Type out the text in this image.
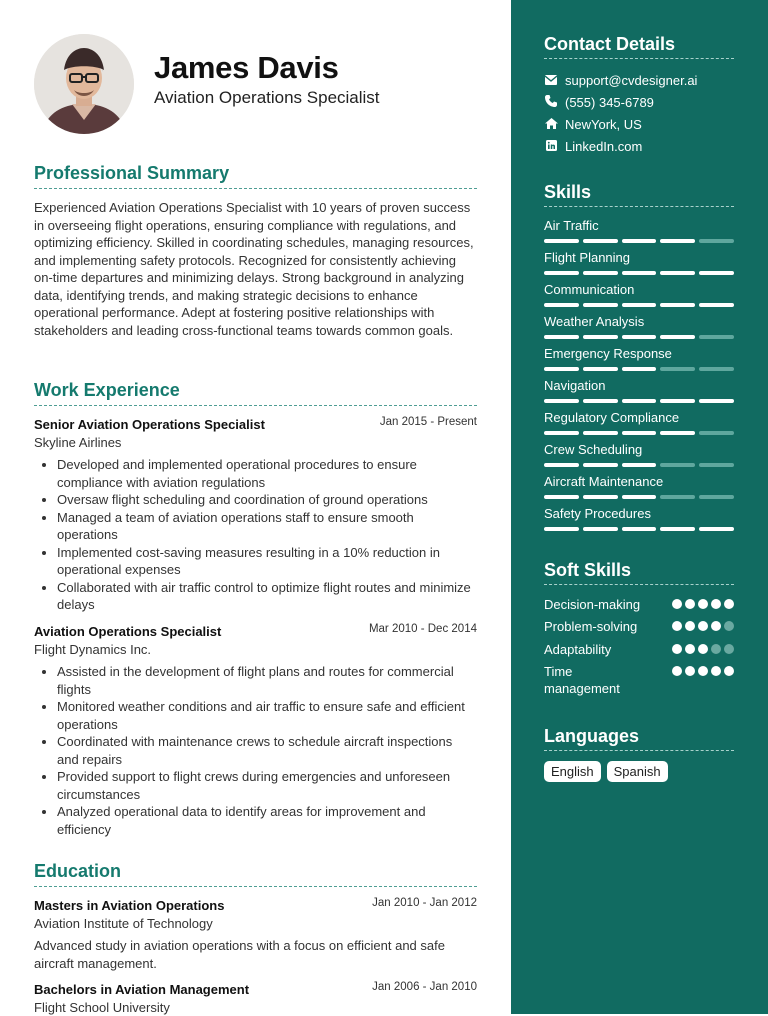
James Davis
Aviation Operations Specialist
Professional Summary

Experienced Aviation Operations Specialist with 10 years of proven success in overseeing flight operations, ensuring compliance with regulations, and optimizing efficiency. Skilled in coordinating schedules, managing resources, and implementing safety protocols. Recognized for consistently achieving on-time departures and minimizing delays. Strong background in analyzing data, identifying trends, and making strategic decisions to enhance operational performance. Adept at fostering positive relationships with stakeholders and leading cross-functional teams towards common goals.

Work Experience
Senior Aviation Operations Specialist	Jan 2015 - Present
Skyline Airlines
• Developed and implemented operational procedures to ensure compliance with aviation regulations
• Oversaw flight scheduling and coordination of ground operations
• Managed a team of aviation operations staff to ensure smooth operations
• Implemented cost-saving measures resulting in a 10% reduction in operational expenses
• Collaborated with air traffic control to optimize flight routes and minimize delays
Aviation Operations Specialist	Mar 2010 - Dec 2014
Flight Dynamics Inc.
• Assisted in the development of flight plans and routes for commercial flights
• Monitored weather conditions and air traffic to ensure safe and efficient operations
• Coordinated with maintenance crews to schedule aircraft inspections and repairs
• Provided support to flight crews during emergencies and unforeseen circumstances
• Analyzed operational data to identify areas for improvement and efficiency
Education
Masters in Aviation Operations	Jan 2010 - Jan 2012
Aviation Institute of Technology

Advanced study in aviation operations with a focus on efficient and safe aircraft management.

Bachelors in Aviation Management	Jan 2006 - Jan 2010
Flight School University
Contact Details
support@cvdesigner.ai
(555) 345-6789
NewYork, US
LinkedIn.com
Skills
Air Traffic
Flight Planning
Communication
Weather Analysis
Emergency Response
Navigation
Regulatory Compliance
Crew Scheduling
Aircraft Maintenance
Safety Procedures
Soft Skills
Decision-making
Problem-solving
Adaptability
Time management
Languages
English	Spanish
